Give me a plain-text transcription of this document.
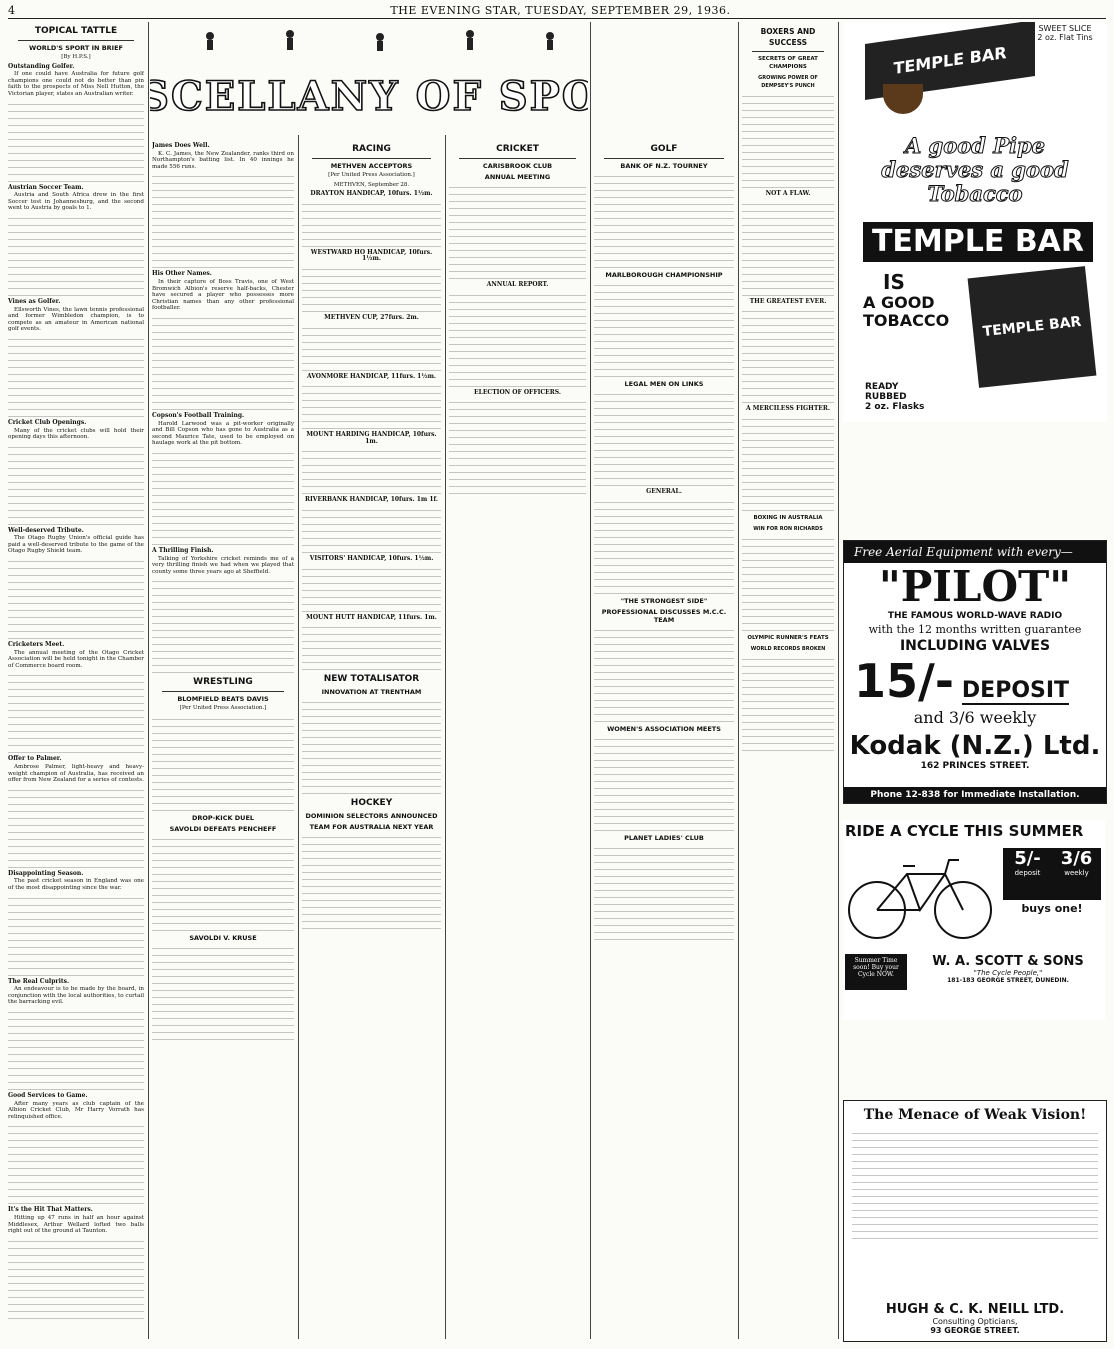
4	THE EVENING STAR, TUESDAY, SEPTEMBER 29, 1936.
TOPICAL TATTLE
WORLD'S SPORT IN BRIEF
[By H.P.S.]
Outstanding Golfer.

If one could have Australia for future golf champions one could not do better than pin faith to the prospects of Miss Nell Hutton, the Victorian player, states an Australian writer.

Austrian Soccer Team.

Austria and South Africa drew in the first Soccer test in Johannesburg, and the second went to Austria by goals to 1.

Vines as Golfer.

Ellsworth Vines, the lawn tennis professional and former Wimbledon champion, is to compete as an amateur in American national golf events.

Cricket Club Openings.

Many of the cricket clubs will hold their opening days this afternoon.

Well-deserved Tribute.

The Otago Rugby Union's official guide has paid a well-deserved tribute to the game of the Otago Rugby Shield team.

Cricketers Meet.

The annual meeting of the Otago Cricket Association will be held tonight in the Chamber of Commerce board room.

Offer to Palmer.

Ambrose Palmer, light-heavy and heavy-weight champion of Australia, has received an offer from New Zealand for a series of contests.

Disappointing Season.

The past cricket season in England was one of the most disappointing since the war.

The Real Culprits.

An endeavour is to be made by the board, in conjunction with the local authorities, to curtail the barracking evil.

Good Services to Game.

After many years as club captain of the Albion Cricket Club, Mr Harry Vorrath has relinquished office.

It's the Hit That Matters.

Hitting up 47 runs in half an hour against Middlesex, Arthur Wellard lofted two balls right out of the ground at Taunton.

SCELLANY OF SPO
James Does Well.

K. C. James, the New Zealander, ranks third on Northampton's batting list. In 40 innings he made 556 runs.

His Other Names.

In their capture of Boss Travis, one of West Bromwich Albion's reserve half-backs, Chester have secured a player who possesses more Christian names than any other professional footballer.

Copson's Football Training.

Harold Larwood was a pit-worker originally and Bill Copson who has gone to Australia as a second Maurice Tate, used to be employed on haulage work at the pit bottom.

A Thrilling Finish.

Talking of Yorkshire cricket reminds me of a very thrilling finish we had when we played that county some three years ago at Sheffield.

WRESTLING
BLOMFIELD BEATS DAVIS
[Per United Press Association.]
DROP-KICK DUEL
SAVOLDI DEFEATS PENCHEFF
SAVOLDI V. KRUSE
RACING
METHVEN ACCEPTORS
[Per United Press Association.]
METHVEN, September 28.
DRAYTON HANDICAP, 10furs. 1½m.
WESTWARD HO HANDICAP, 10furs. 1½m.
METHVEN CUP, 27furs. 2m.
AVONMORE HANDICAP, 11furs. 1½m.
MOUNT HARDING HANDICAP, 10furs. 1m.
RIVERBANK HANDICAP, 10furs. 1m 1f.
VISITORS' HANDICAP, 10furs. 1½m.
MOUNT HUTT HANDICAP, 11furs. 1m.
NEW TOTALISATOR
INNOVATION AT TRENTHAM
HOCKEY
DOMINION SELECTORS ANNOUNCED
TEAM FOR AUSTRALIA NEXT YEAR
CRICKET
CARISBROOK CLUB
ANNUAL MEETING
ANNUAL REPORT.
ELECTION OF OFFICERS.
GOLF
BANK OF N.Z. TOURNEY
MARLBOROUGH CHAMPIONSHIP
LEGAL MEN ON LINKS
GENERAL.
"THE STRONGEST SIDE"
PROFESSIONAL DISCUSSES M.C.C. TEAM
WOMEN'S ASSOCIATION MEETS
PLANET LADIES' CLUB
BOXERS AND SUCCESS
SECRETS OF GREAT CHAMPIONS
GROWING POWER OF DEMPSEY'S PUNCH
NOT A FLAW.
THE GREATEST EVER.
A MERCILESS FIGHTER.
BOXING IN AUSTRALIA
WIN FOR RON RICHARDS
OLYMPIC RUNNER'S FEATS
WORLD RECORDS BROKEN
SWEET SLICE
2 oz. Flat Tins
TEMPLE BAR
A good Pipe deserves a good Tobacco
TEMPLE BAR
IS
A GOOD TOBACCO TEMPLE BAR
READY RUBBED
2 oz. Flasks
Free Aerial Equipment with every—
"PILOT"
THE FAMOUS WORLD-WAVE RADIO
with the 12 months written guarantee
INCLUDING VALVES
15/- DEPOSIT
and 3/6 weekly
Kodak (N.Z.) Ltd.
162 PRINCES STREET.
Phone 12-838 for Immediate Installation.
RIDE A CYCLE THIS SUMMER
5/-
deposit
3/6
weekly
buys one!
Summer Time soon! Buy your Cycle NOW.
W. A. SCOTT & SONS
"The Cycle People,"
181-183 GEORGE STREET, DUNEDIN.
The Menace of Weak Vision!
HUGH & C. K. NEILL LTD.
Consulting Opticians,
93 GEORGE STREET.
